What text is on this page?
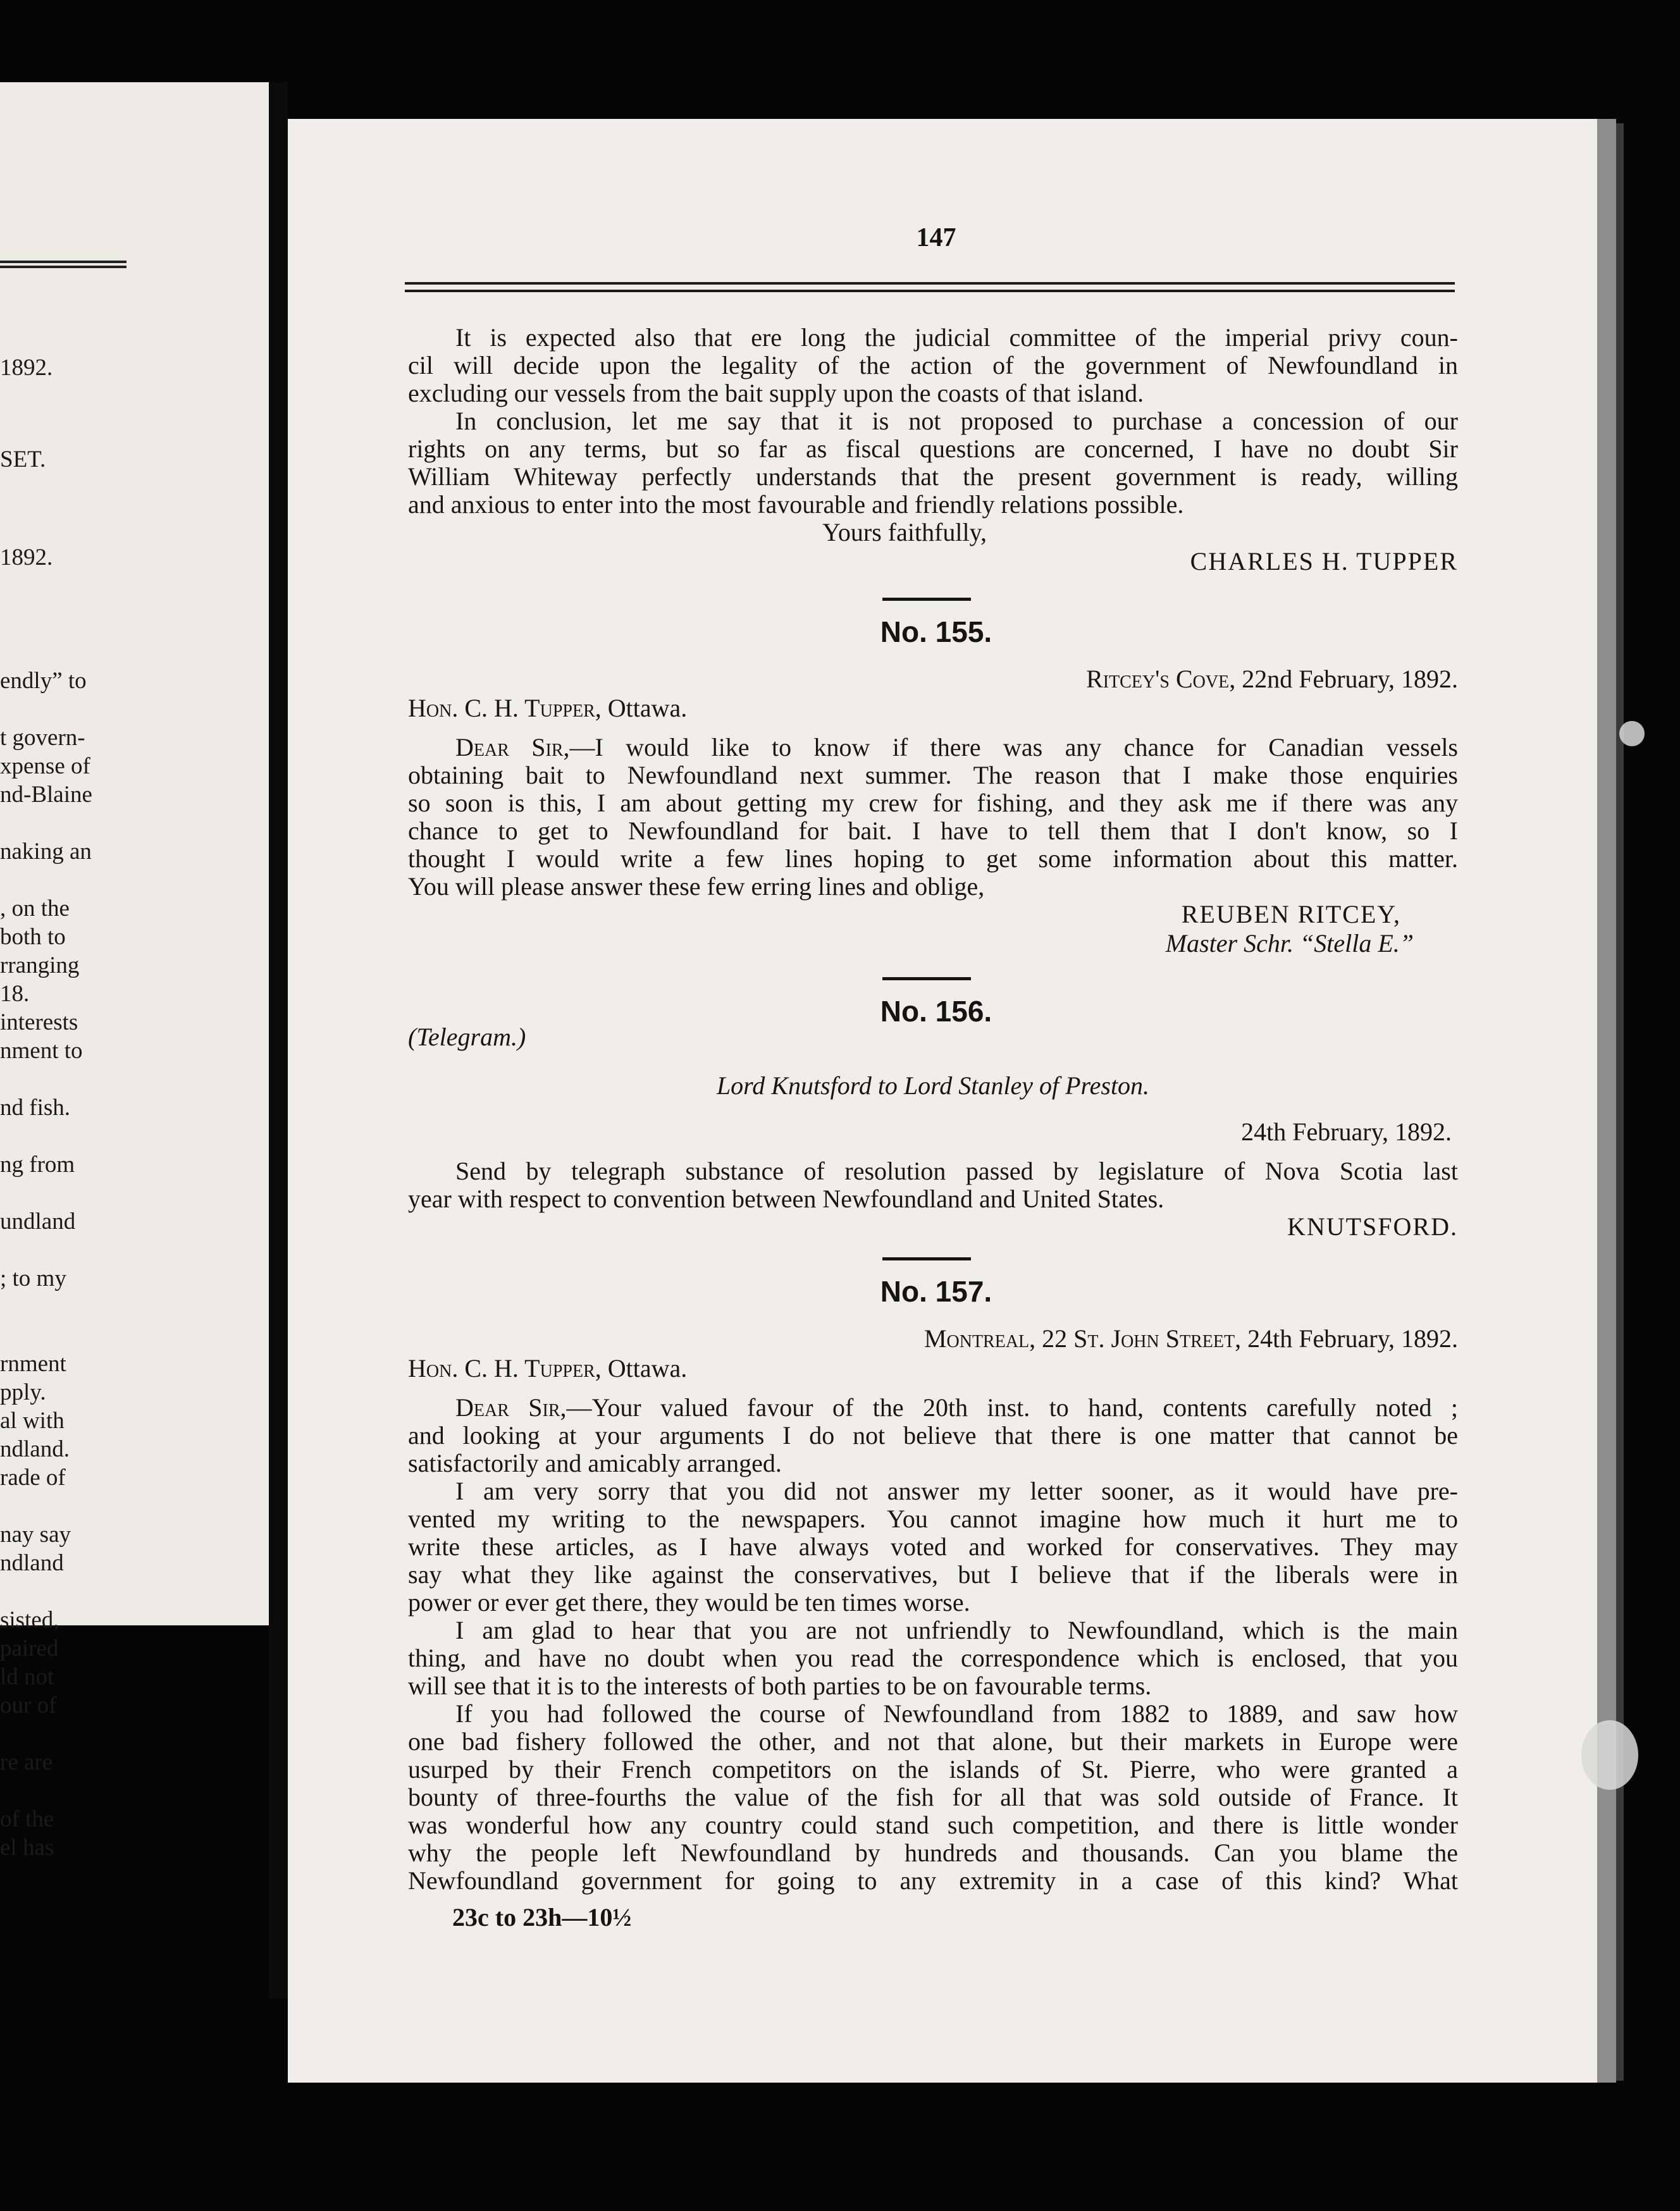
1892.
SET.
1892.
endly” to
t govern-
xpense of
nd-Blaine
naking an
, on the
both to
rranging
18.
interests
nment to
nd fish.
ng from
undland
; to my
rnment
pply.
al with
ndland.
rade of
nay say
ndland
sisted,
paired
ld not
our of
re are
of the
el has
147
It is expected also that ere long the judicial committee of the imperial privy coun-
cil will decide upon the legality of the action of the government of Newfoundland in
excluding our vessels from the bait supply upon the coasts of that island.
In conclusion, let me say that it is not proposed to purchase a concession of our
rights on any terms, but so far as fiscal questions are concerned, I have no doubt Sir
William Whiteway perfectly understands that the present government is ready, willing
and anxious to enter into the most favourable and friendly relations possible.
Yours faithfully,
CHARLES H. TUPPER
No. 155.
Ritcey's Cove, 22nd February, 1892.
Hon. C. H. Tupper, Ottawa.
Dear Sir,—I would like to know if there was any chance for Canadian vessels
obtaining bait to Newfoundland next summer. The reason that I make those enquiries
so soon is this, I am about getting my crew for fishing, and they ask me if there was any
chance to get to Newfoundland for bait. I have to tell them that I don't know, so I
thought I would write a few lines hoping to get some information about this matter.
You will please answer these few erring lines and oblige,
REUBEN RITCEY,
Master Schr. “Stella E.”
No. 156.
(Telegram.)
Lord Knutsford to Lord Stanley of Preston.
24th February, 1892.
Send by telegraph substance of resolution passed by legislature of Nova Scotia last
year with respect to convention between Newfoundland and United States.
KNUTSFORD.
No. 157.
Montreal, 22 St. John Street, 24th February, 1892.
Hon. C. H. Tupper, Ottawa.
Dear Sir,—Your valued favour of the 20th inst. to hand, contents carefully noted ;
and looking at your arguments I do not believe that there is one matter that cannot be
satisfactorily and amicably arranged.
I am very sorry that you did not answer my letter sooner, as it would have pre-
vented my writing to the newspapers. You cannot imagine how much it hurt me to
write these articles, as I have always voted and worked for conservatives. They may
say what they like against the conservatives, but I believe that if the liberals were in
power or ever get there, they would be ten times worse.
I am glad to hear that you are not unfriendly to Newfoundland, which is the main
thing, and have no doubt when you read the correspondence which is enclosed, that you
will see that it is to the interests of both parties to be on favourable terms.
If you had followed the course of Newfoundland from 1882 to 1889, and saw how
one bad fishery followed the other, and not that alone, but their markets in Europe were
usurped by their French competitors on the islands of St. Pierre, who were granted a
bounty of three-fourths the value of the fish for all that was sold outside of France. It
was wonderful how any country could stand such competition, and there is little wonder
why the people left Newfoundland by hundreds and thousands. Can you blame the
Newfoundland government for going to any extremity in a case of this kind? What
23c to 23h—10½
